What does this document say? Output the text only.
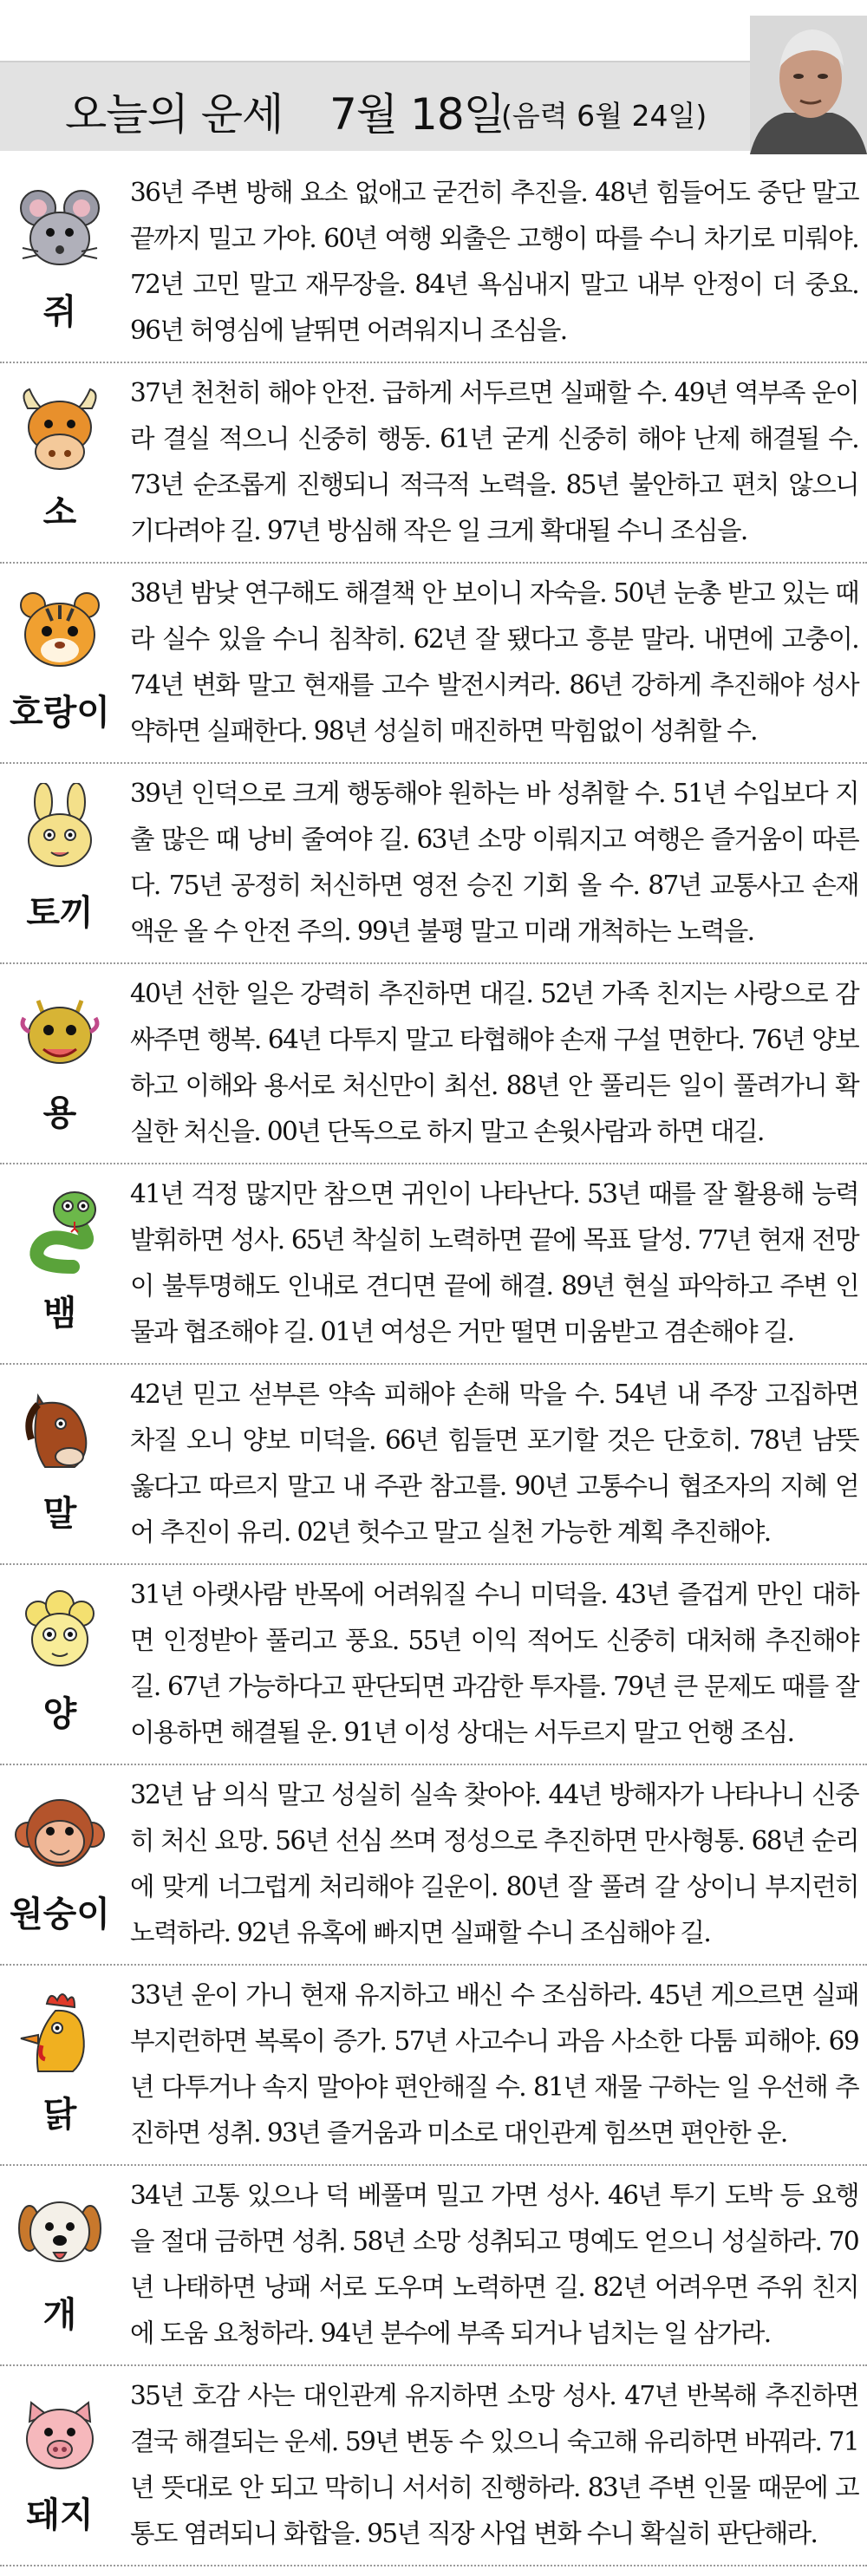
오늘의 운세 7월 18일
(음력 6월 24일)
쥐
36년 주변 방해 요소 없애고 굳건히 추진을. 48년 힘들어도 중단 말고 끝까지 밀고 가야. 60년 여행 외출은 고행이 따를 수니 차기로 미뤄야. 72년 고민 말고 재무장을. 84년 욕심내지 말고 내부 안정이 더 중요. 96년 허영심에 날뛰면 어려워지니 조심을.
소
37년 천천히 해야 안전. 급하게 서두르면 실패할 수. 49년 역부족 운이라 결실 적으니 신중히 행동. 61년 굳게 신중히 해야 난제 해결될 수. 73년 순조롭게 진행되니 적극적 노력을. 85년 불안하고 편치 않으니 기다려야 길. 97년 방심해 작은 일 크게 확대될 수니 조심을.
호랑이
38년 밤낮 연구해도 해결책 안 보이니 자숙을. 50년 눈총 받고 있는 때라 실수 있을 수니 침착히. 62년 잘 됐다고 흥분 말라. 내면에 고충이. 74년 변화 말고 현재를 고수 발전시켜라. 86년 강하게 추진해야 성사 약하면 실패한다. 98년 성실히 매진하면 막힘없이 성취할 수.
토끼
39년 인덕으로 크게 행동해야 원하는 바 성취할 수. 51년 수입보다 지출 많은 때 낭비 줄여야 길. 63년 소망 이뤄지고 여행은 즐거움이 따른다. 75년 공정히 처신하면 영전 승진 기회 올 수. 87년 교통사고 손재 액운 올 수 안전 주의. 99년 불평 말고 미래 개척하는 노력을.
용
40년 선한 일은 강력히 추진하면 대길. 52년 가족 친지는 사랑으로 감싸주면 행복. 64년 다투지 말고 타협해야 손재 구설 면한다. 76년 양보하고 이해와 용서로 처신만이 최선. 88년 안 풀리든 일이 풀려가니 확실한 처신을. 00년 단독으로 하지 말고 손윗사람과 하면 대길.
뱀
41년 걱정 많지만 참으면 귀인이 나타난다. 53년 때를 잘 활용해 능력 발휘하면 성사. 65년 착실히 노력하면 끝에 목표 달성. 77년 현재 전망이 불투명해도 인내로 견디면 끝에 해결. 89년 현실 파악하고 주변 인물과 협조해야 길. 01년 여성은 거만 떨면 미움받고 겸손해야 길.
말
42년 믿고 섣부른 약속 피해야 손해 막을 수. 54년 내 주장 고집하면 차질 오니 양보 미덕을. 66년 힘들면 포기할 것은 단호히. 78년 남뜻 옳다고 따르지 말고 내 주관 참고를. 90년 고통수니 협조자의 지혜 얻어 추진이 유리. 02년 헛수고 말고 실천 가능한 계획 추진해야.
양
31년 아랫사람 반목에 어려워질 수니 미덕을. 43년 즐겁게 만인 대하면 인정받아 풀리고 풍요. 55년 이익 적어도 신중히 대처해 추진해야 길. 67년 가능하다고 판단되면 과감한 투자를. 79년 큰 문제도 때를 잘 이용하면 해결될 운. 91년 이성 상대는 서두르지 말고 언행 조심.
원숭이
32년 남 의식 말고 성실히 실속 찾아야. 44년 방해자가 나타나니 신중히 처신 요망. 56년 선심 쓰며 정성으로 추진하면 만사형통. 68년 순리에 맞게 너그럽게 처리해야 길운이. 80년 잘 풀려 갈 상이니 부지런히 노력하라. 92년 유혹에 빠지면 실패할 수니 조심해야 길.
닭
33년 운이 가니 현재 유지하고 배신 수 조심하라. 45년 게으르면 실패 부지런하면 복록이 증가. 57년 사고수니 과음 사소한 다툼 피해야. 69년 다투거나 속지 말아야 편안해질 수. 81년 재물 구하는 일 우선해 추진하면 성취. 93년 즐거움과 미소로 대인관계 힘쓰면 편안한 운.
개
34년 고통 있으나 덕 베풀며 밀고 가면 성사. 46년 투기 도박 등 요행을 절대 금하면 성취. 58년 소망 성취되고 명예도 얻으니 성실하라. 70년 나태하면 낭패 서로 도우며 노력하면 길. 82년 어려우면 주위 친지에 도움 요청하라. 94년 분수에 부족 되거나 넘치는 일 삼가라.
돼지
35년 호감 사는 대인관계 유지하면 소망 성사. 47년 반복해 추진하면 결국 해결되는 운세. 59년 변동 수 있으니 숙고해 유리하면 바꿔라. 71년 뜻대로 안 되고 막히니 서서히 진행하라. 83년 주변 인물 때문에 고통도 염려되니 화합을. 95년 직장 사업 변화 수니 확실히 판단해라.
